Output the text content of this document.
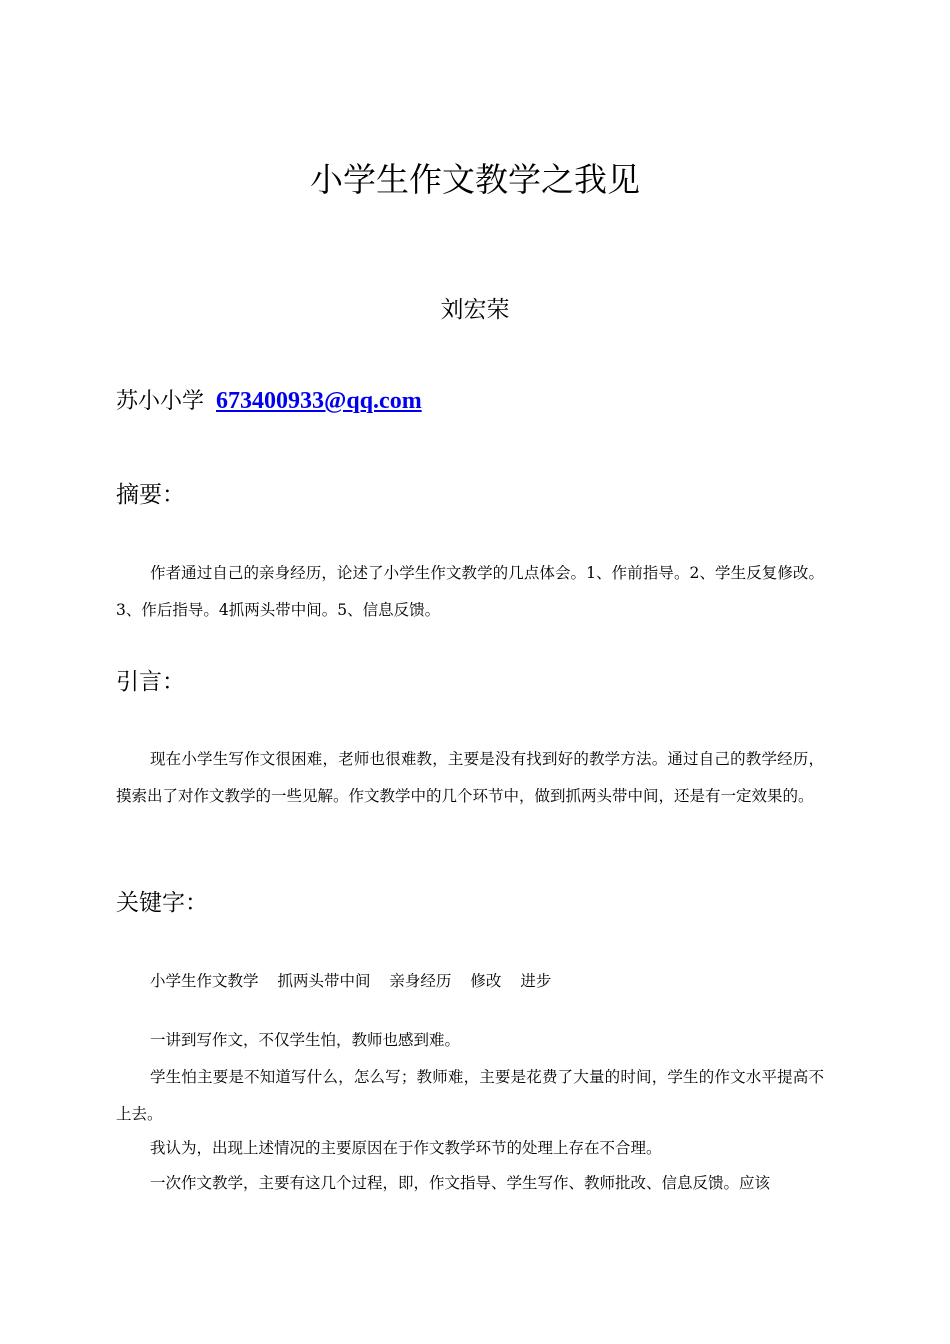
小学生作文教学之我见

刘宏荣

苏小小学 673400933@qq.com
摘要：

作者通过自己的亲身经历，论述了小学生作文教学的几点体会。1、作前指导。2、学生反复修改。3、作后指导。4抓两头带中间。5、信息反馈。

引言：

现在小学生写作文很困难，老师也很难教，主要是没有找到好的教学方法。通过自己的教学经历，摸索出了对作文教学的一些见解。作文教学中的几个环节中，做到抓两头带中间，还是有一定效果的。

关键字：
小学生作文教学 抓两头带中间 亲身经历 修改 进步

一讲到写作文，不仅学生怕，教师也感到难。

学生怕主要是不知道写什么，怎么写；教师难，主要是花费了大量的时间，学生的作文水平提高不上去。

我认为，出现上述情况的主要原因在于作文教学环节的处理上存在不合理。

一次作文教学，主要有这几个过程，即，作文指导、学生写作、教师批改、信息反馈。应该
